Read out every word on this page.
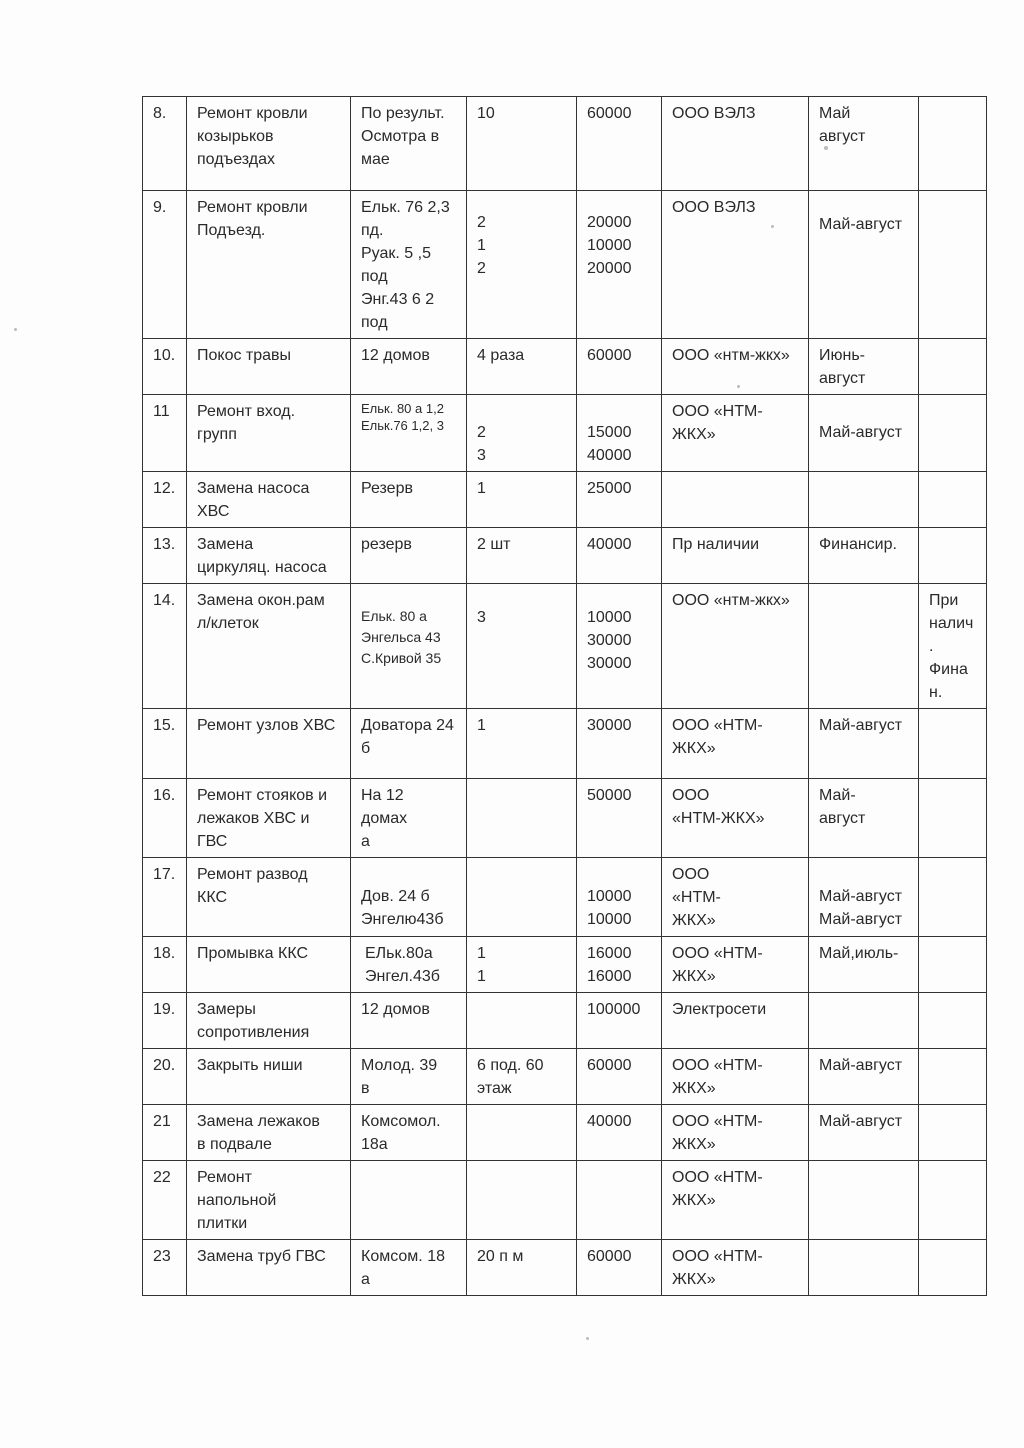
8.	Ремонт кровли
козырьков
подъездах	По результ.
Осмотра в мае	10	60000	ООО ВЭЛЗ	Май
август	
9.	Ремонт кровли
Подъезд.	Ельк. 76 2,3 пд.
Руак. 5 ,5 под
Энг.43 6 2 под	2
1
2	20000
10000
20000	ООО ВЭЛЗ	Май-август	
10.	Покос травы	12 домов	4 раза	60000	ООО «нтм-жкх»	Июнь-
август	
11	Ремонт вход.
групп	Ельк. 80 а 1,2
Ельк.76 1,2, 3	2
3	15000
40000	ООО «НТМ-
ЖКХ»	Май-август	
12.	Замена насоса
ХВС	Резерв	1	25000			
13.	Замена
циркуляц. насоса	резерв	2 шт	40000	Пр наличии	Финансир.	
14.	Замена окон.рам
л/клеток	Ельк. 80 а
Энгельса 43
С.Кривой 35	3	10000
30000
30000	ООО «нтм-жкх»		При
налич
.
Фина
н.
15.	Ремонт узлов ХВС	Доватора 24
б	1	30000	ООО «НТМ-
ЖКХ»	Май-август	
16.	Ремонт стояков и
лежаков ХВС и
ГВС	На 12
домах
а		50000	ООО
«НТМ-ЖКХ»	Май-
август	
17.	Ремонт развод
ККС	Дов. 24 б
Энгелю43б		10000
10000	ООО
«НТМ-
ЖКХ»	Май-август
Май-август	
18.	Промывка ККС	ЕЛьк.80а
Энгел.43б	1
1	16000
16000	ООО «НТМ-
ЖКХ»	Май,июль-	
19.	Замеры
сопротивления	12 домов		100000	Электросети		
20.	Закрыть ниши	Молод. 39
в	6 под. 60
этаж	60000	ООО «НТМ-
ЖКХ»	Май-август	
21	Замена лежаков
в подвале	Комсомол.
18а		40000	ООО «НТМ-
ЖКХ»	Май-август	
22	Ремонт
напольной
плитки				ООО «НТМ-
ЖКХ»		
23	Замена труб ГВС	Комсом. 18
а	20 п м	60000	ООО «НТМ-
ЖКХ»		
